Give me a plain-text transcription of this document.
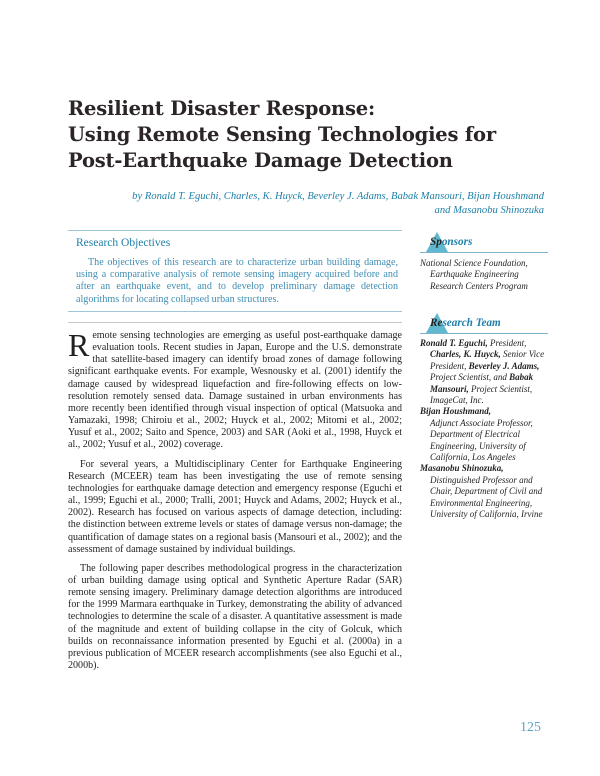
Resilient Disaster Response:
Using Remote Sensing Technologies for
Post-Earthquake Damage Detection
by Ronald T. Eguchi, Charles, K. Huyck, Beverley J. Adams, Babak Mansouri, Bijan Houshmand
and Masanobu Shinozuka
Research Objectives
The objectives of this research are to characterize urban building damage, using a comparative analysis of remote sensing imagery acquired before and after an earthquake event, and to develop preliminary damage detection algorithms for locating collapsed urban structures.

Remote sensing technologies are emerging as useful post-earthquake damage evaluation tools. Recent studies in Japan, Europe and the U.S. demonstrate that satellite-based imagery can identify broad zones of damage following significant earthquake events. For example, Wesnousky et al. (2001) identify the damage caused by widespread liquefaction and fire-following effects on low-resolution remotely sensed data. Damage sustained in urban environments has more recently been identified through visual inspection of optical (Matsuoka and Yamazaki, 1998; Chiroiu et al., 2002; Huyck et al., 2002; Mitomi et al., 2002; Yusuf et al., 2002; Saito and Spence, 2003) and SAR (Aoki et al., 1998, Huyck et al., 2002; Yusuf et al., 2002) coverage.

For several years, a Multidisciplinary Center for Earthquake Engineering Research (MCEER) team has been investigating the use of remote sensing technologies for earthquake damage detection and emergency response (Eguchi et al., 1999; Eguchi et al., 2000; Tralli, 2001; Huyck and Adams, 2002; Huyck et al., 2002). Research has focused on various aspects of damage detection, including: the distinction between extreme levels or states of damage versus non-damage; the quantification of damage states on a regional basis (Mansouri et al., 2002); and the assessment of damage sustained by individual buildings.

The following paper describes methodological progress in the characterization of urban building damage using optical and Synthetic Aperture Radar (SAR) remote sensing imagery. Preliminary damage detection algorithms are introduced for the 1999 Marmara earthquake in Turkey, demonstrating the ability of advanced technologies to determine the scale of a disaster. A quantitative assessment is made of the magnitude and extent of building collapse in the city of Golcuk, which builds on reconnaissance information presented by Eguchi et al. (2000a) in a previous publication of MCEER research accomplishments (see also Eguchi et al., 2000b).

Sponsors
National Science Foundation,
Earthquake Engineering
Research Centers Program
Research Team
Ronald T. Eguchi, President,
Charles, K. Huyck, Senior Vice President, Beverley J. Adams, Project Scientist, and Babak Mansouri, Project Scientist, ImageCat, Inc.
Bijan Houshmand,
Adjunct Associate Professor, Department of Electrical Engineering, University of California, Los Angeles
Masanobu Shinozuka,
Distinguished Professor and Chair, Department of Civil and Environmental Engineering, University of California, Irvine
125
